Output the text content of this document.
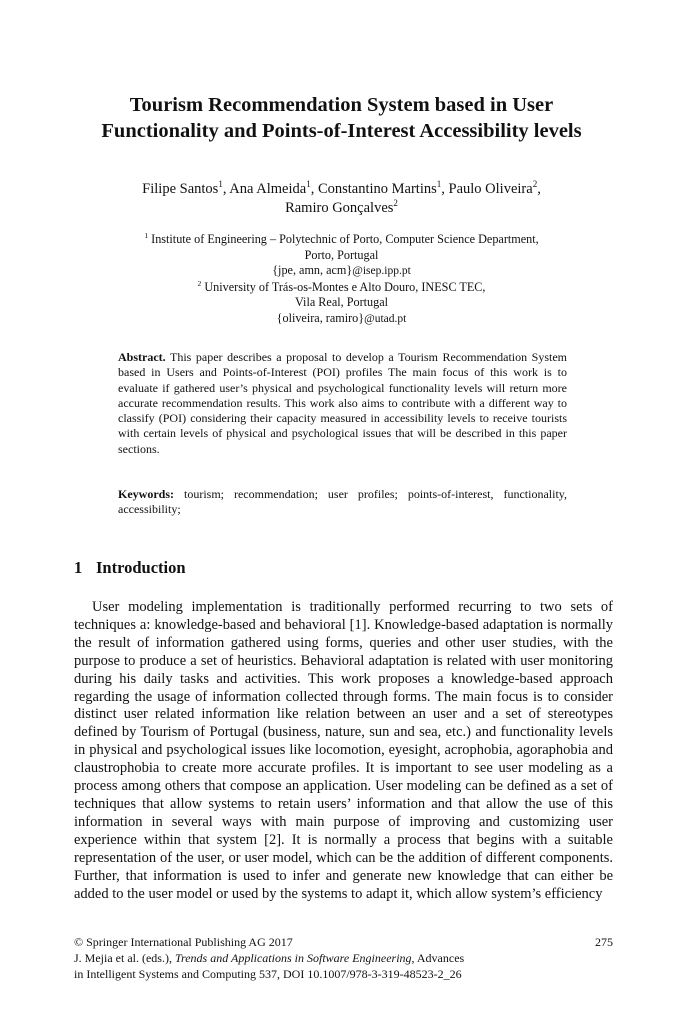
Tourism Recommendation System based in User
Functionality and Points-of-Interest Accessibility levels
Filipe Santos$^1$, Ana Almeida$^1$, Constantino Martins$^1$, Paulo Oliveira$^2$,
Ramiro Gonçalves$^2$
$^1$ Institute of Engineering – Polytechnic of Porto, Computer Science Department,
Porto, Portugal
{jpe, amn, acm}@isep.ipp.pt
$^2$ University of Trás-os-Montes e Alto Douro, INESC TEC,
Vila Real, Portugal
{oliveira, ramiro}@utad.pt
Abstract. This paper describes a proposal to develop a Tourism Recommendation System based in Users and Points-of-Interest (POI) profiles The main focus of this work is to evaluate if gathered user’s physical and psychological functionality levels will return more accurate recommendation results. This work also aims to contribute with a different way to classify (POI) considering their capacity measured in accessibility levels to receive tourists with certain levels of physical and psychological issues that will be described in this paper sections.
Keywords: tourism; recommendation; user profiles; points-of-interest, functionality, accessibility;
1 Introduction

User modeling implementation is traditionally performed recurring to two sets of techniques a: knowledge-based and behavioral [1]. Knowledge-based adaptation is normally the result of information gathered using forms, queries and other user studies, with the purpose to produce a set of heuristics. Behavioral adaptation is related with user monitoring during his daily tasks and activities. This work proposes a knowledge-based approach regarding the usage of information collected through forms. The main focus is to consider distinct user related information like relation between an user and a set of stereotypes defined by Tourism of Portugal (business, nature, sun and sea, etc.) and functionality levels in physical and psychological issues like locomotion, eyesight, acrophobia, agoraphobia and claustrophobia to create more accurate profiles. It is important to see user modeling as a process among others that compose an application. User modeling can be defined as a set of techniques that allow systems to retain users’ information and that allow the use of this information in several ways with main purpose of improving and customizing user experience within that system [2]. It is normally a process that begins with a suitable representation of the user, or user model, which can be the addition of different components. Further, that information is used to infer and generate new knowledge that can either be added to the user model or used by the systems to adapt it, which allow system’s efficiency

© Springer International Publishing AG 2017	275
J. Mejia et al. (eds.), Trends and Applications in Software Engineering, Advances
in Intelligent Systems and Computing 537, DOI 10.1007/978-3-319-48523-2_26
